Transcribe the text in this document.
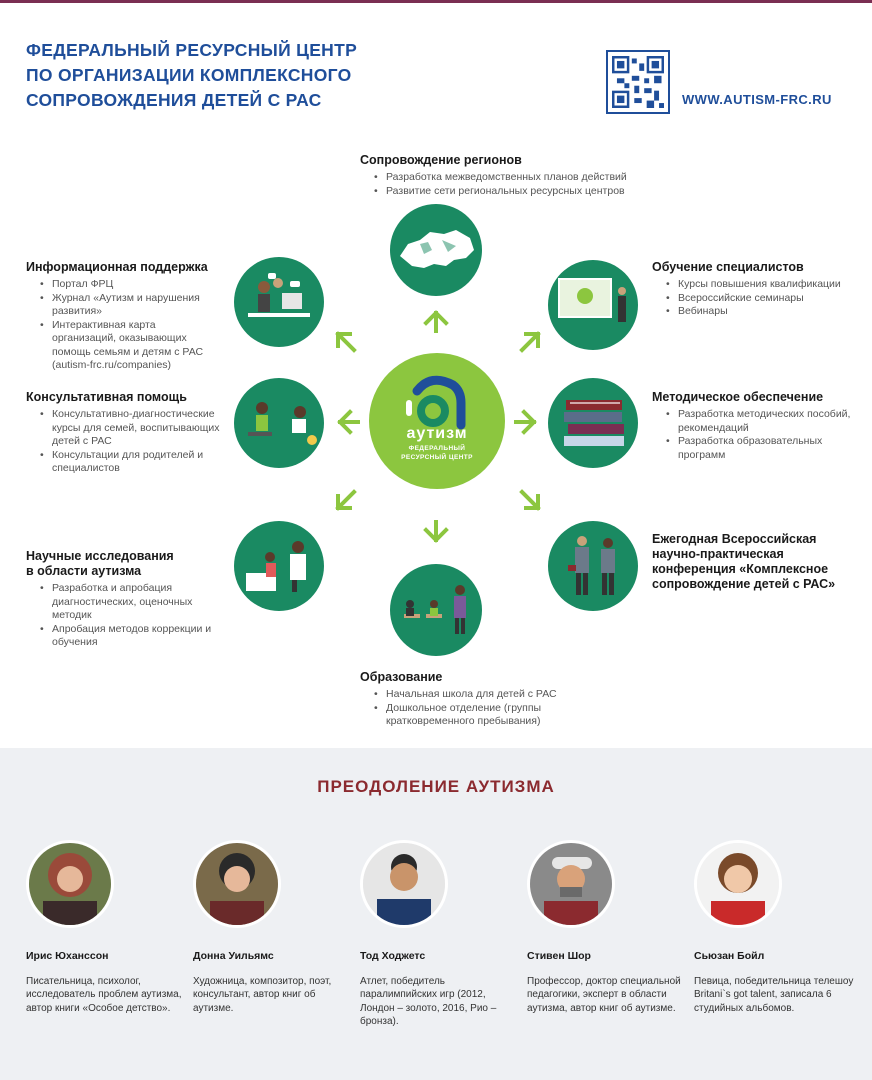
ФЕДЕРАЛЬНЫЙ РЕСУРСНЫЙ ЦЕНТР
ПО ОРГАНИЗАЦИИ КОМПЛЕКСНОГО
СОПРОВОЖДЕНИЯ ДЕТЕЙ С РАС	WWW.AUTISM-FRC.RU
Сопровождение регионов
• Разработка межведомственных планов действий
• Развитие сети региональных ресурсных центров
Информационная поддержка
• Портал ФРЦ
• Журнал «Аутизм и нарушения развития»
• Интерактивная карта организаций, оказывающих помощь семьям и детям с РАС (autism-frc.ru/companies)
Обучение специалистов
• Курсы повышения квалификации
• Всероссийские семинары
• Вебинары
Консультативная помощь
• Консультативно-диагностические курсы для семей, воспитывающих детей с РАС
• Консультации для родителей и специалистов
Методическое обеспечение
• Разработка методических пособий, рекомендаций
• Разработка образовательных программ
Научные исследования
в области аутизма
• Разработка и апробация диагностических, оценочных методик
• Апробация методов коррекции и обучения
Ежегодная Всероссийская научно-практическая конференция «Комплексное сопровождение детей с РАС»
Образование
• Начальная школа для детей с РАС
• Дошкольное отделение (группы кратковременного пребывания)
аутизм
ФЕДЕРАЛЬНЫЙ
РЕСУРСНЫЙ ЦЕНТР
ПРЕОДОЛЕНИЕ АУТИЗМА
Ирис Юханссон
Писательница, психолог, исследователь проблем аутизма, автор книги «Особое детство».
Донна Уильямс
Художница, композитор, поэт, консультант, автор книг об аутизме.
Тод Ходжетс
Атлет, победитель паралимпийских игр (2012, Лондон – золото, 2016, Рио – бронза).
Стивен Шор
Профессор, доктор специальной педагогики, эксперт в области аутизма, автор книг об аутизме.
Сьюзан Бойл
Певица, победительница телешоу Britani`s got talent, записала 6 студийных альбомов.
